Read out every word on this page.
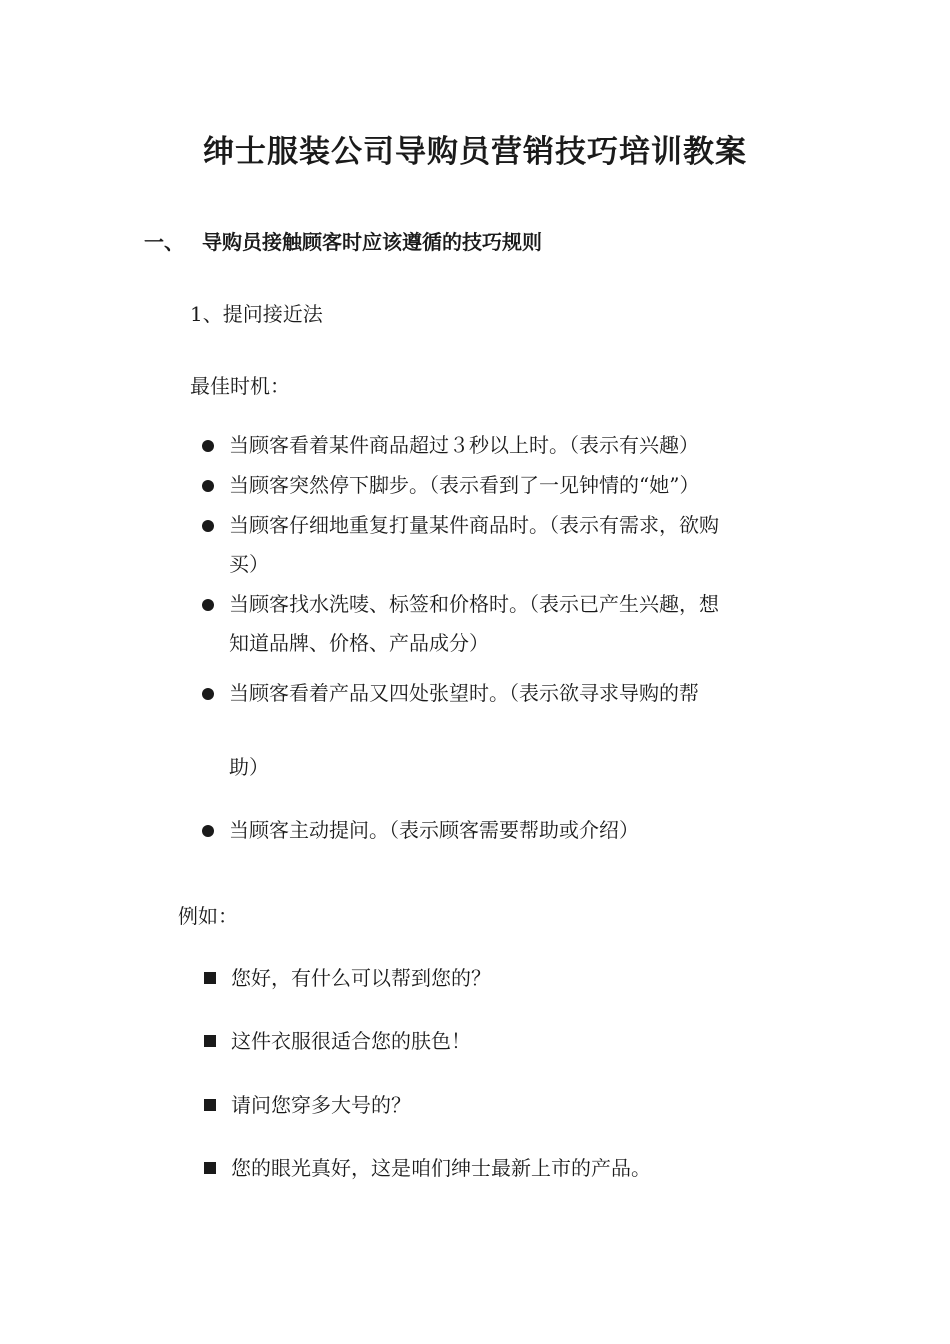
绅士服装公司导购员营销技巧培训教案
一、 导购员接触顾客时应该遵循的技巧规则
1、提问接近法
最佳时机：
当顾客看着某件商品超过３秒以上时。（表示有兴趣）
当顾客突然停下脚步。（表示看到了一见钟情的“她”）
当顾客仔细地重复打量某件商品时。（表示有需求，欲购
买）
当顾客找水洗唛、标签和价格时。（表示已产生兴趣，想
知道品牌、价格、产品成分）
当顾客看着产品又四处张望时。（表示欲寻求导购的帮
助）
当顾客主动提问。（表示顾客需要帮助或介绍）
例如：
您好，有什么可以帮到您的？
这件衣服很适合您的肤色！
请问您穿多大号的？
您的眼光真好，这是咱们绅士最新上市的产品。
